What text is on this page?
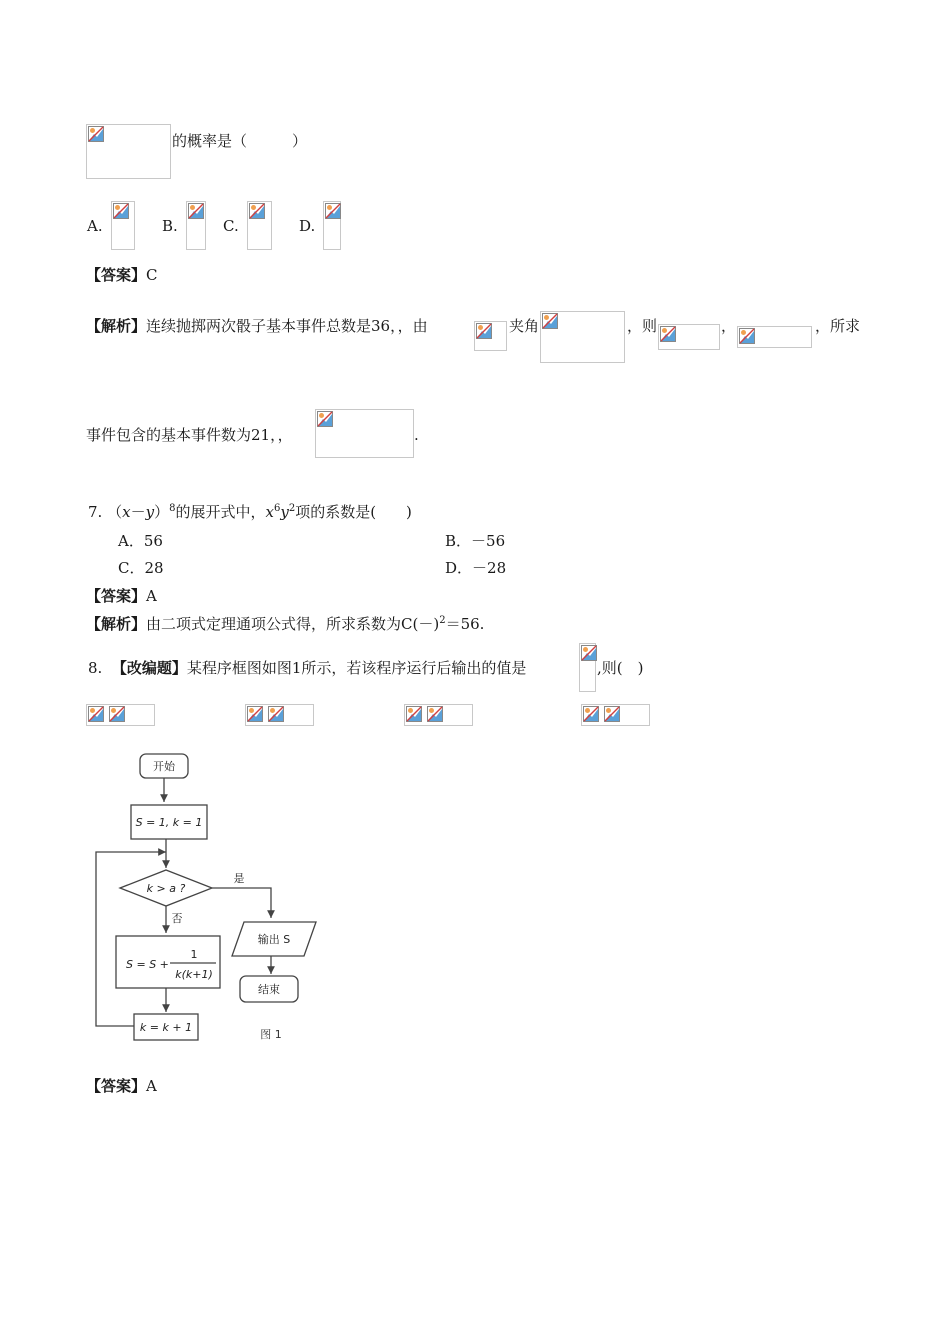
的概率是（　　　）
A.	B.	C.	D.
【答案】C
【解析】连续抛掷两次骰子基本事件总数是36，，由	夹角	，则	，	，所求
事件包含的基本事件数为21，，	.
7. $(x-y)^8$的展开式中，$x^6y^2$项的系数是(　　)
A．56	B．－56
C．28	D．－28
【答案】A
【解析】由二项式定理通项公式得，所求系数为$C(-)^2=56$.
8. 【改编题】某程序框图如图1所示，若该程序运行后输出的值是	,则(　)
开始
S = 1, k = 1
k > a ?
是
否
输出 S
结束
S = S +
1
k(k+1)
k = k + 1
图 1
【答案】A
